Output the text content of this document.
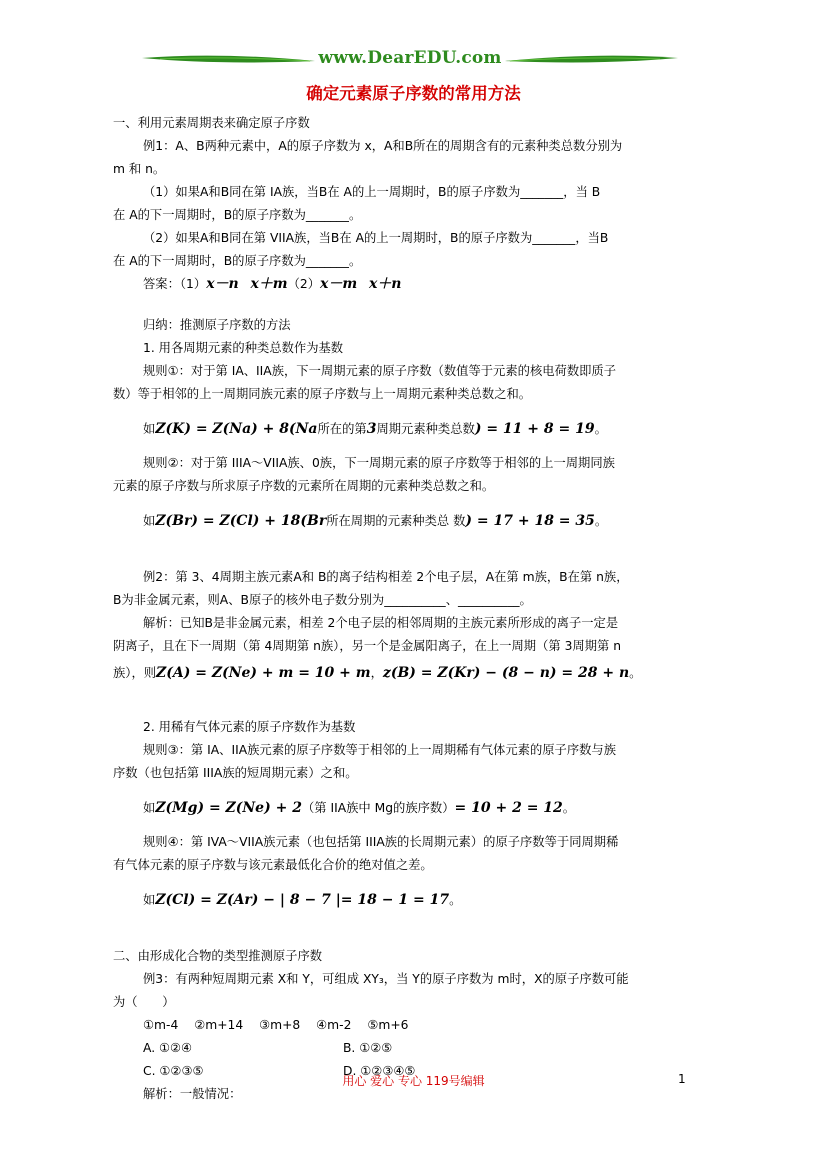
www.DearEDU.com
确定元素原子序数的常用方法
一、利用元素周期表来确定原子序数
例1：A、B两种元素中，A的原子序数为 x，A和B所在的周期含有的元素种类总数分别为
m 和 n。
（1）如果A和B同在第 IA族，当B在 A的上一周期时，B的原子序数为_______，当 B
在 A的下一周期时，B的原子序数为_______。
（2）如果A和B同在第 VIIA族，当B在 A的上一周期时，B的原子序数为_______，当B
在 A的下一周期时，B的原子序数为_______。
答案：（1）x－n x＋m（2）x－m x＋n
归纳：推测原子序数的方法
1. 用各周期元素的种类总数作为基数
规则①：对于第 IA、IIA族，下一周期元素的原子序数（数值等于元素的核电荷数即质子
数）等于相邻的上一周期同族元素的原子序数与上一周期元素种类总数之和。
如Z(K) = Z(Na) + 8(Na所在的第3周期元素种类总数) = 11 + 8 = 19。
规则②：对于第 IIIA～VIIA族、0族，下一周期元素的原子序数等于相邻的上一周期同族
元素的原子序数与所求原子序数的元素所在周期的元素种类总数之和。
如Z(Br) = Z(Cl) + 18(Br所在周期的元素种类总 数) = 17 + 18 = 35。
例2：第 3、4周期主族元素A和 B的离子结构相差 2个电子层，A在第 m族，B在第 n族，
B为非金属元素，则A、B原子的核外电子数分别为__________、__________。
解析：已知B是非金属元素，相差 2个电子层的相邻周期的主族元素所形成的离子一定是
阴离子，且在下一周期（第 4周期第 n族），另一个是金属阳离子，在上一周期（第 3周期第 n
族），则Z(A) = Z(Ne) + m = 10 + m，z(B) = Z(Kr) − (8 − n) = 28 + n。
2. 用稀有气体元素的原子序数作为基数
规则③：第 IA、IIA族元素的原子序数等于相邻的上一周期稀有气体元素的原子序数与族
序数（也包括第 IIIA族的短周期元素）之和。
如Z(Mg) = Z(Ne) + 2（第 IIA族中 Mg的族序数）= 10 + 2 = 12。
规则④：第 IVA～VIIA族元素（也包括第 IIIA族的长周期元素）的原子序数等于同周期稀
有气体元素的原子序数与该元素最低化合价的绝对值之差。
如Z(Cl) = Z(Ar) − | 8 − 7 |= 18 − 1 = 17。
二、由形成化合物的类型推测原子序数
例3：有两种短周期元素 X和 Y，可组成 XY₃，当 Y的原子序数为 m时，X的原子序数可能
为（　　）
①m-4 ②m+14 ③m+8 ④m-2 ⑤m+6
A. ①②④	B. ①②⑤
C. ①②③⑤	D. ①②③④⑤
解析：一般情况：
用心 爱心 专心 119号编辑	1
